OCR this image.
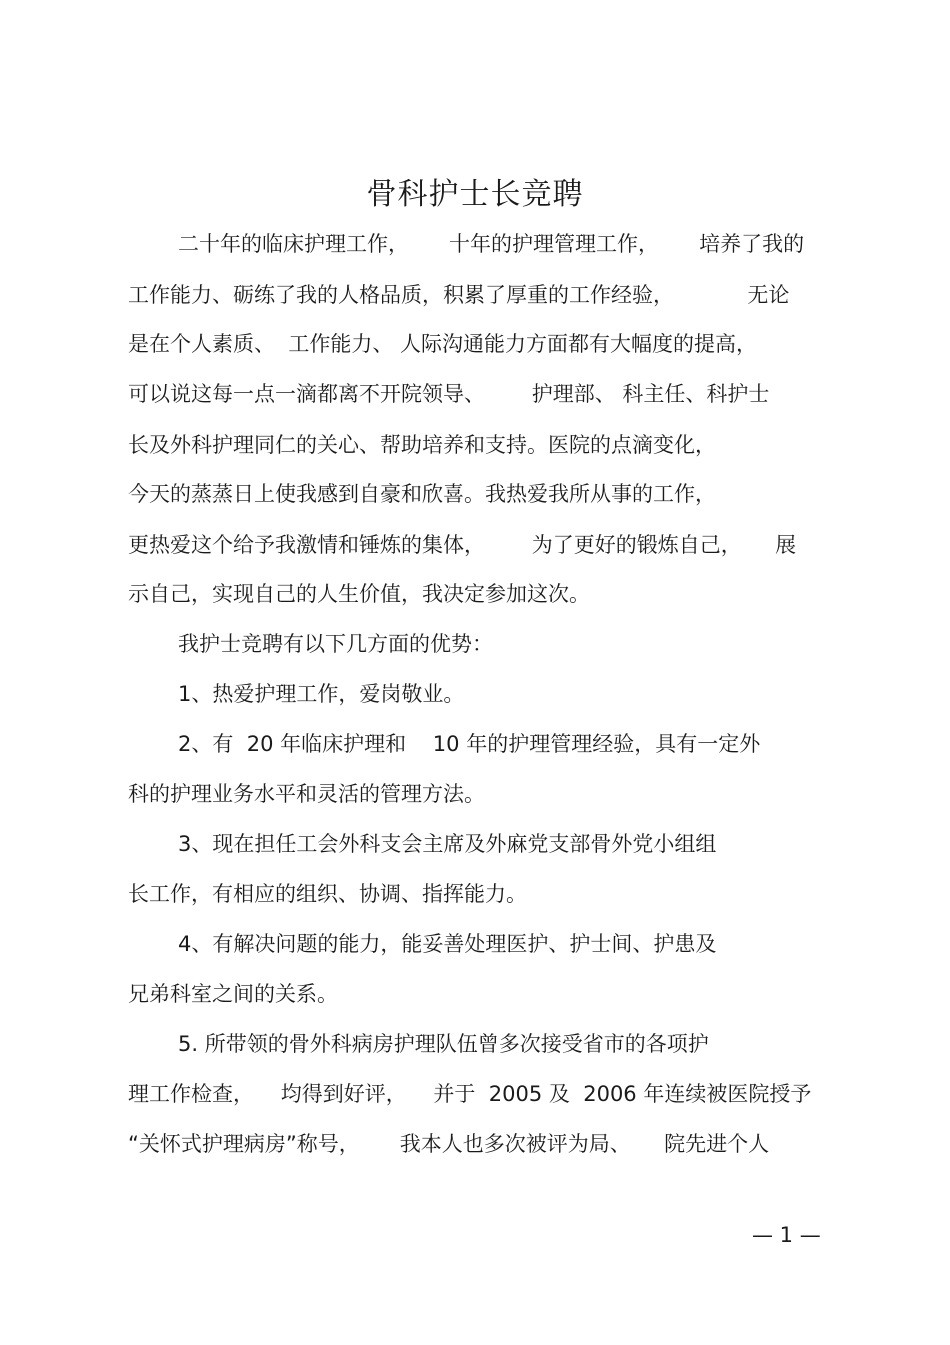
骨科护士长竞聘
二十年的临床护理工作，      十年的护理管理工作，      培养了我的
工作能力、砺练了我的人格品质，积累了厚重的工作经验，           无论
是在个人素质、  工作能力、 人际沟通能力方面都有大幅度的提高，
可以说这每一点一滴都离不开院领导、       护理部、 科主任、科护士
长及外科护理同仁的关心、帮助培养和支持。医院的点滴变化，
今天的蒸蒸日上使我感到自豪和欣喜。我热爱我所从事的工作，
更热爱这个给予我激情和锤炼的集体，       为了更好的锻炼自己，     展
示自己，实现自己的人生价值，我决定参加这次。
我护士竞聘有以下几方面的优势：
1、热爱护理工作，爱岗敬业。
2、有  20 年临床护理和    10 年的护理管理经验，具有一定外
科的护理业务水平和灵活的管理方法。
3、现在担任工会外科支会主席及外麻党支部骨外党小组组
长工作，有相应的组织、协调、指挥能力。
4、有解决问题的能力，能妥善处理医护、护士间、护患及
兄弟科室之间的关系。
5. 所带领的骨外科病房护理队伍曾多次接受省市的各项护
理工作检查，    均得到好评，    并于  2005 及  2006 年连续被医院授予
“关怀式护理病房”称号，      我本人也多次被评为局、     院先进个人
— 1 —
